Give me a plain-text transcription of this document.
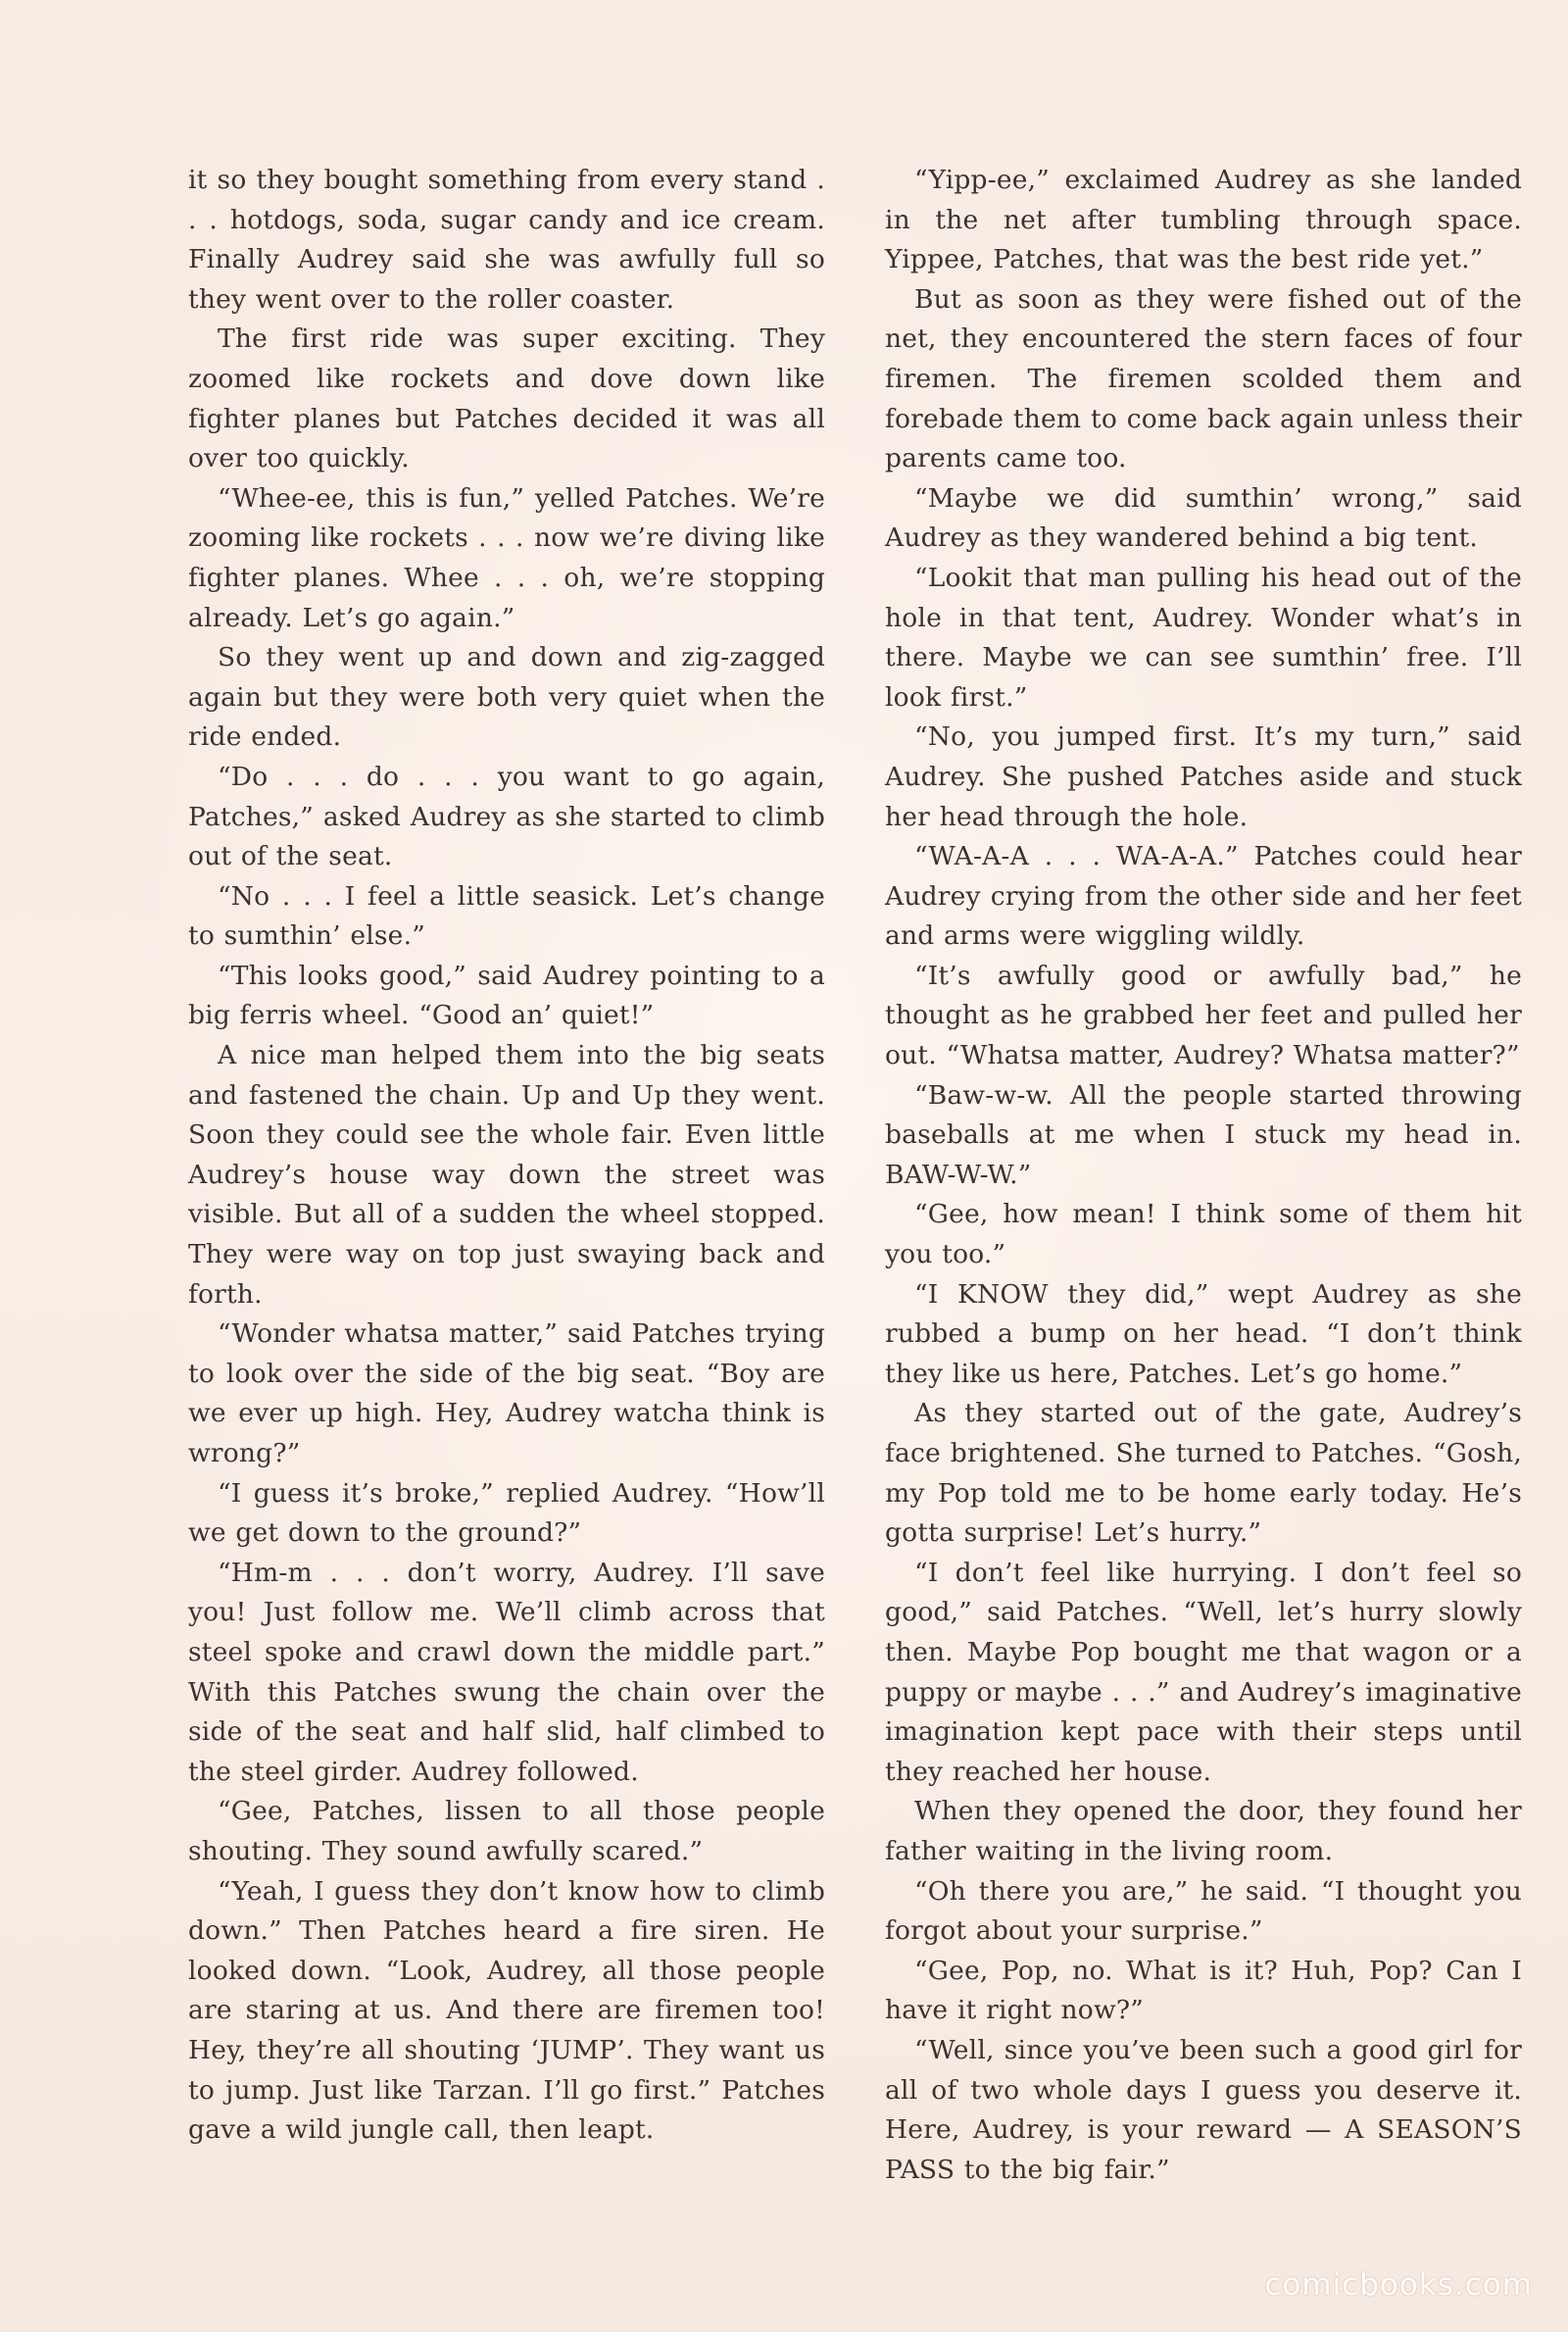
it so they bought something from every stand . . . hotdogs, soda, sugar candy and ice cream. Finally Audrey said she was awfully full so they went over to the roller coaster.

The first ride was super exciting. They zoomed like rockets and dove down like fighter planes but Patches decided it was all over too quickly.

“Whee-ee, this is fun,” yelled Patches. We’re zooming like rockets . . . now we’re diving like fighter planes. Whee . . . oh, we’re stopping already. Let’s go again.”

So they went up and down and zig-zagged again but they were both very quiet when the ride ended.

“Do . . . do . . . you want to go again, Patches,” asked Audrey as she started to climb out of the seat.

“No . . . I feel a little seasick. Let’s change to sumthin’ else.”

“This looks good,” said Audrey pointing to a big ferris wheel. “Good an’ quiet!”

A nice man helped them into the big seats and fastened the chain. Up and Up they went. Soon they could see the whole fair. Even little Audrey’s house way down the street was visible. But all of a sudden the wheel stopped. They were way on top just swaying back and forth.

“Wonder whatsa matter,” said Patches trying to look over the side of the big seat. “Boy are we ever up high. Hey, Audrey watcha think is wrong?”

“I guess it’s broke,” replied Audrey. “How’ll we get down to the ground?”

“Hm-m . . . don’t worry, Audrey. I’ll save you! Just follow me. We’ll climb across that steel spoke and crawl down the middle part.” With this Patches swung the chain over the side of the seat and half slid, half climbed to the steel girder. Audrey followed.

“Gee, Patches, lissen to all those people shouting. They sound awfully scared.”

“Yeah, I guess they don’t know how to climb down.” Then Patches heard a fire siren. He looked down. “Look, Audrey, all those people are staring at us. And there are firemen too! Hey, they’re all shouting ‘JUMP’. They want us to jump. Just like Tarzan. I’ll go first.” Patches gave a wild jungle call, then leapt.

“Yipp-ee,” exclaimed Audrey as she landed in the net after tumbling through space. Yippee, Patches, that was the best ride yet.”

But as soon as they were fished out of the net, they encountered the stern faces of four firemen. The firemen scolded them and forebade them to come back again unless their parents came too.

“Maybe we did sumthin’ wrong,” said Audrey as they wandered behind a big tent.

“Lookit that man pulling his head out of the hole in that tent, Audrey. Wonder what’s in there. Maybe we can see sumthin’ free. I’ll look first.”

“No, you jumped first. It’s my turn,” said Audrey. She pushed Patches aside and stuck her head through the hole.

“WA-A-A . . . WA-A-A.” Patches could hear Audrey crying from the other side and her feet and arms were wiggling wildly.

“It’s awfully good or awfully bad,” he thought as he grabbed her feet and pulled her out. “Whatsa matter, Audrey? Whatsa matter?”

“Baw-w-w. All the people started throwing baseballs at me when I stuck my head in. BAW-W-W.”

“Gee, how mean! I think some of them hit you too.”

“I KNOW they did,” wept Audrey as she rubbed a bump on her head. “I don’t think they like us here, Patches. Let’s go home.”

As they started out of the gate, Audrey’s face brightened. She turned to Patches. “Gosh, my Pop told me to be home early today. He’s gotta surprise! Let’s hurry.”

“I don’t feel like hurrying. I don’t feel so good,” said Patches. “Well, let’s hurry slowly then. Maybe Pop bought me that wagon or a puppy or maybe . . .” and Audrey’s imaginative imagination kept pace with their steps until they reached her house.

When they opened the door, they found her father waiting in the living room.

“Oh there you are,” he said. “I thought you forgot about your surprise.”

“Gee, Pop, no. What is it? Huh, Pop? Can I have it right now?”

“Well, since you’ve been such a good girl for all of two whole days I guess you deserve it. Here, Audrey, is your reward — A SEASON’S PASS to the big fair.”

comicbooks.com
